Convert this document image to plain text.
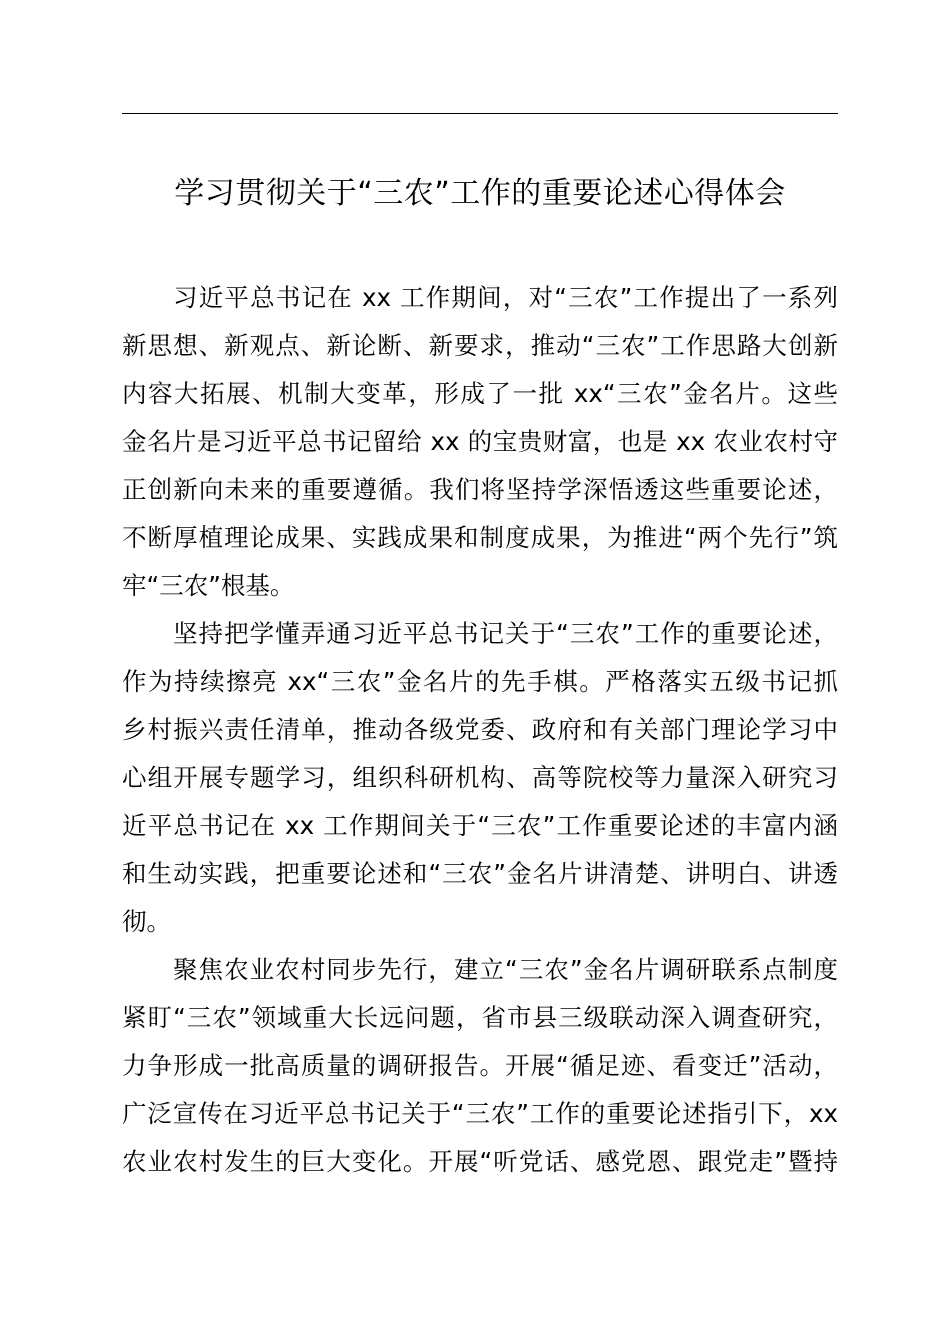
学习贯彻关于“三农”工作的重要论述心得体会
习近平总书记在 xx 工作期间，对“三农”工作提出了一系列
新思想、新观点、新论断、新要求，推动“三农”工作思路大创新
内容大拓展、机制大变革，形成了一批 xx“三农”金名片。这些
金名片是习近平总书记留给 xx 的宝贵财富，也是 xx 农业农村守
正创新向未来的重要遵循。我们将坚持学深悟透这些重要论述，
不断厚植理论成果、实践成果和制度成果，为推进“两个先行”筑
牢“三农”根基。
坚持把学懂弄通习近平总书记关于“三农”工作的重要论述，
作为持续擦亮 xx“三农”金名片的先手棋。严格落实五级书记抓
乡村振兴责任清单，推动各级党委、政府和有关部门理论学习中
心组开展专题学习，组织科研机构、高等院校等力量深入研究习
近平总书记在 xx 工作期间关于“三农”工作重要论述的丰富内涵
和生动实践，把重要论述和“三农”金名片讲清楚、讲明白、讲透
彻。
聚焦农业农村同步先行，建立“三农”金名片调研联系点制度
紧盯“三农”领域重大长远问题，省市县三级联动深入调查研究，
力争形成一批高质量的调研报告。开展“循足迹、看变迁”活动，
广泛宣传在习近平总书记关于“三农”工作的重要论述指引下，xx
农业农村发生的巨大变化。开展“听党话、感党恩、跟党走”暨持
